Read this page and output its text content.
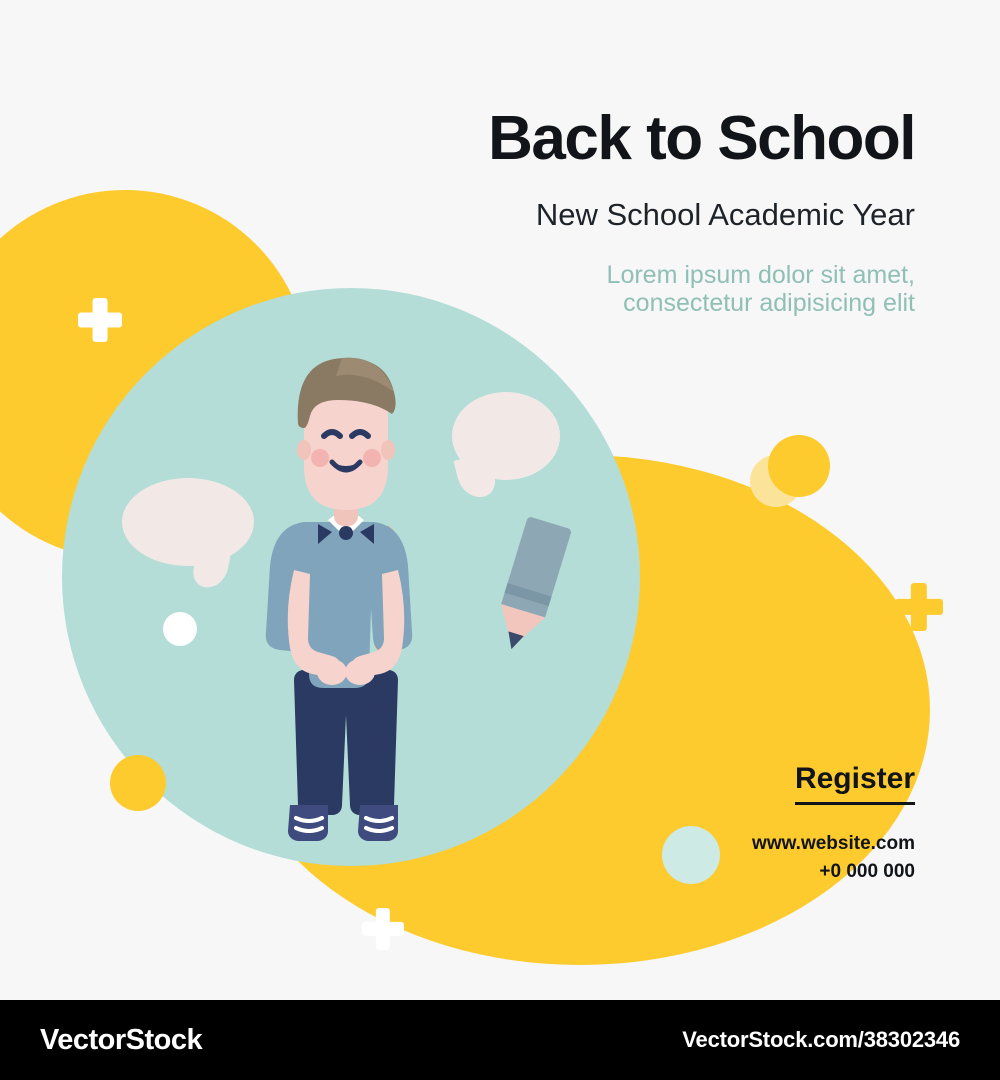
Back to School
New School Academic Year
Lorem ipsum dolor sit amet, consectetur adipisicing elit
Register
www.website.com
+0 000 000
VectorStock	VectorStock.com/38302346
